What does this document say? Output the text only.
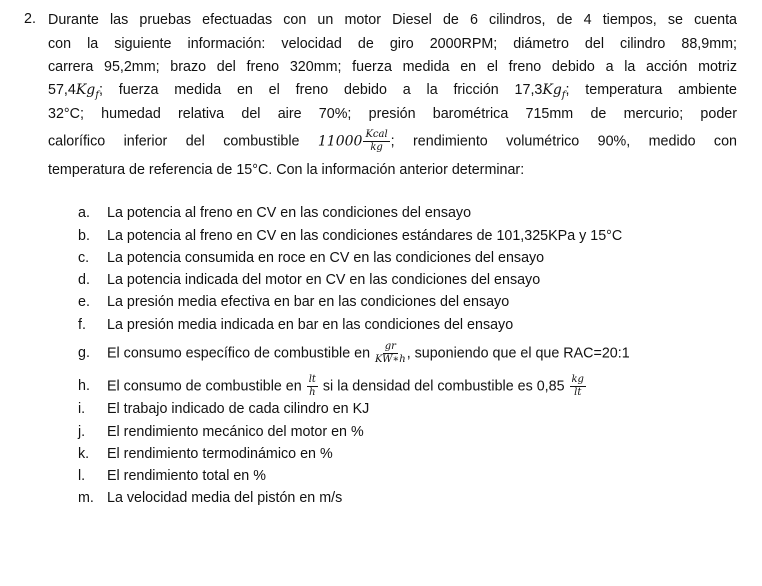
2. Durante las pruebas efectuadas con un motor Diesel de 6 cilindros, de 4 tiempos, se cuenta
con la siguiente información: velocidad de giro 2000RPM; diámetro del cilindro 88,9mm;
carrera 95,2mm; brazo del freno 320mm; fuerza medida en el freno debido a la acción motriz
$57,4Kg_f$; fuerza medida en el freno debido a la fricción $17,3Kg_f$; temperatura ambiente
32°C; humedad relativa del aire 70%; presión barométrica 715mm de mercurio; poder
calorífico inferior del combustible $11000 \frac{\text{Kcal}}{kg}$ ; rendimiento volumétrico 90%, medido con
temperatura de referencia de 15°C. Con la información anterior determinar:
a. La potencia al freno en CV en las condiciones del ensayo
b. La potencia al freno en CV en las condiciones estándares de 101,325KPa y 15°C
c. La potencia consumida en roce en CV en las condiciones del ensayo
d. La potencia indicada del motor en CV en las condiciones del ensayo
e. La presión media efectiva en bar en las condiciones del ensayo
f. La presión media indicada en bar en las condiciones del ensayo
g. El consumo específico de combustible en $\frac{gr}{KW∗h}$ , suponiendo que el que RAC=20:1
h. El consumo de combustible en $\frac{lt}{h}$ si la densidad del combustible es $0,85 \frac{kg}{lt}$
i. El trabajo indicado de cada cilindro en KJ
j. El rendimiento mecánico del motor en %
k. El rendimiento termodinámico en %
l. El rendimiento total en %
m. La velocidad media del pistón en m/s
